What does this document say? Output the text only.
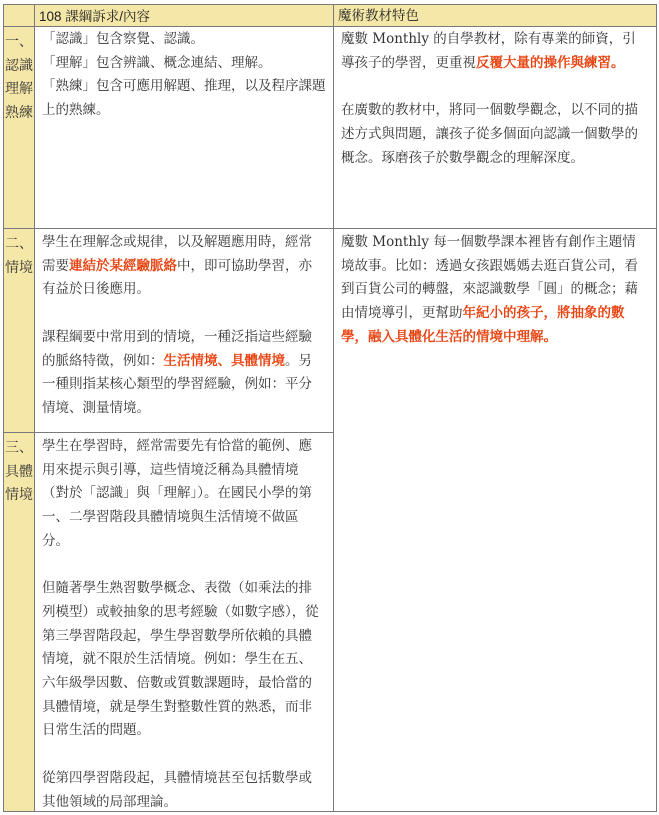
108 課綱訴求/內容	魔術教材特色
一、認識理解熟練
二、情境
三、具體情境

「認識」包含察覺、認識。

「理解」包含辨識、概念連結、理解。

「熟練」包含可應用解題、推理，以及程序課題上的熟練。

魔數 Monthly 的自學教材，除有專業的師資，引導孩子的學習，更重視反覆大量的操作與練習。

在廣數的教材中，將同一個數學觀念，以不同的描述方式與問題，讓孩子從多個面向認識一個數學的概念。琢磨孩子於數學觀念的理解深度。

學生在理解念或規律，以及解題應用時，經常需要連結於某經驗脈絡中，即可協助學習，亦有益於日後應用。

課程綱要中常用到的情境，一種泛指這些經驗的脈絡特徵，例如：生活情境、具體情境。另一種則指某核心類型的學習經驗，例如：平分情境、測量情境。

魔數 Monthly 每一個數學課本裡皆有創作主題情境故事。比如：透過女孩跟媽媽去逛百貨公司，看到百貨公司的轉盤，來認識數學「圓」的概念；藉由情境導引，更幫助年紀小的孩子，將抽象的數學，融入具體化生活的情境中理解。

學生在學習時，經常需要先有恰當的範例、應用來提示與引導，這些情境泛稱為具體情境（對於「認識」與「理解」）。在國民小學的第一、二學習階段具體情境與生活情境不做區分。

但隨著學生熟習數學概念、表徵（如乘法的排列模型）或較抽象的思考經驗（如數字感），從第三學習階段起，學生學習數學所依賴的具體情境，就不限於生活情境。例如：學生在五、六年級學因數、倍數或質數課題時，最恰當的具體情境，就是學生對整數性質的熟悉，而非日常生活的問題。

從第四學習階段起，具體情境甚至包括數學或其他領域的局部理論。
